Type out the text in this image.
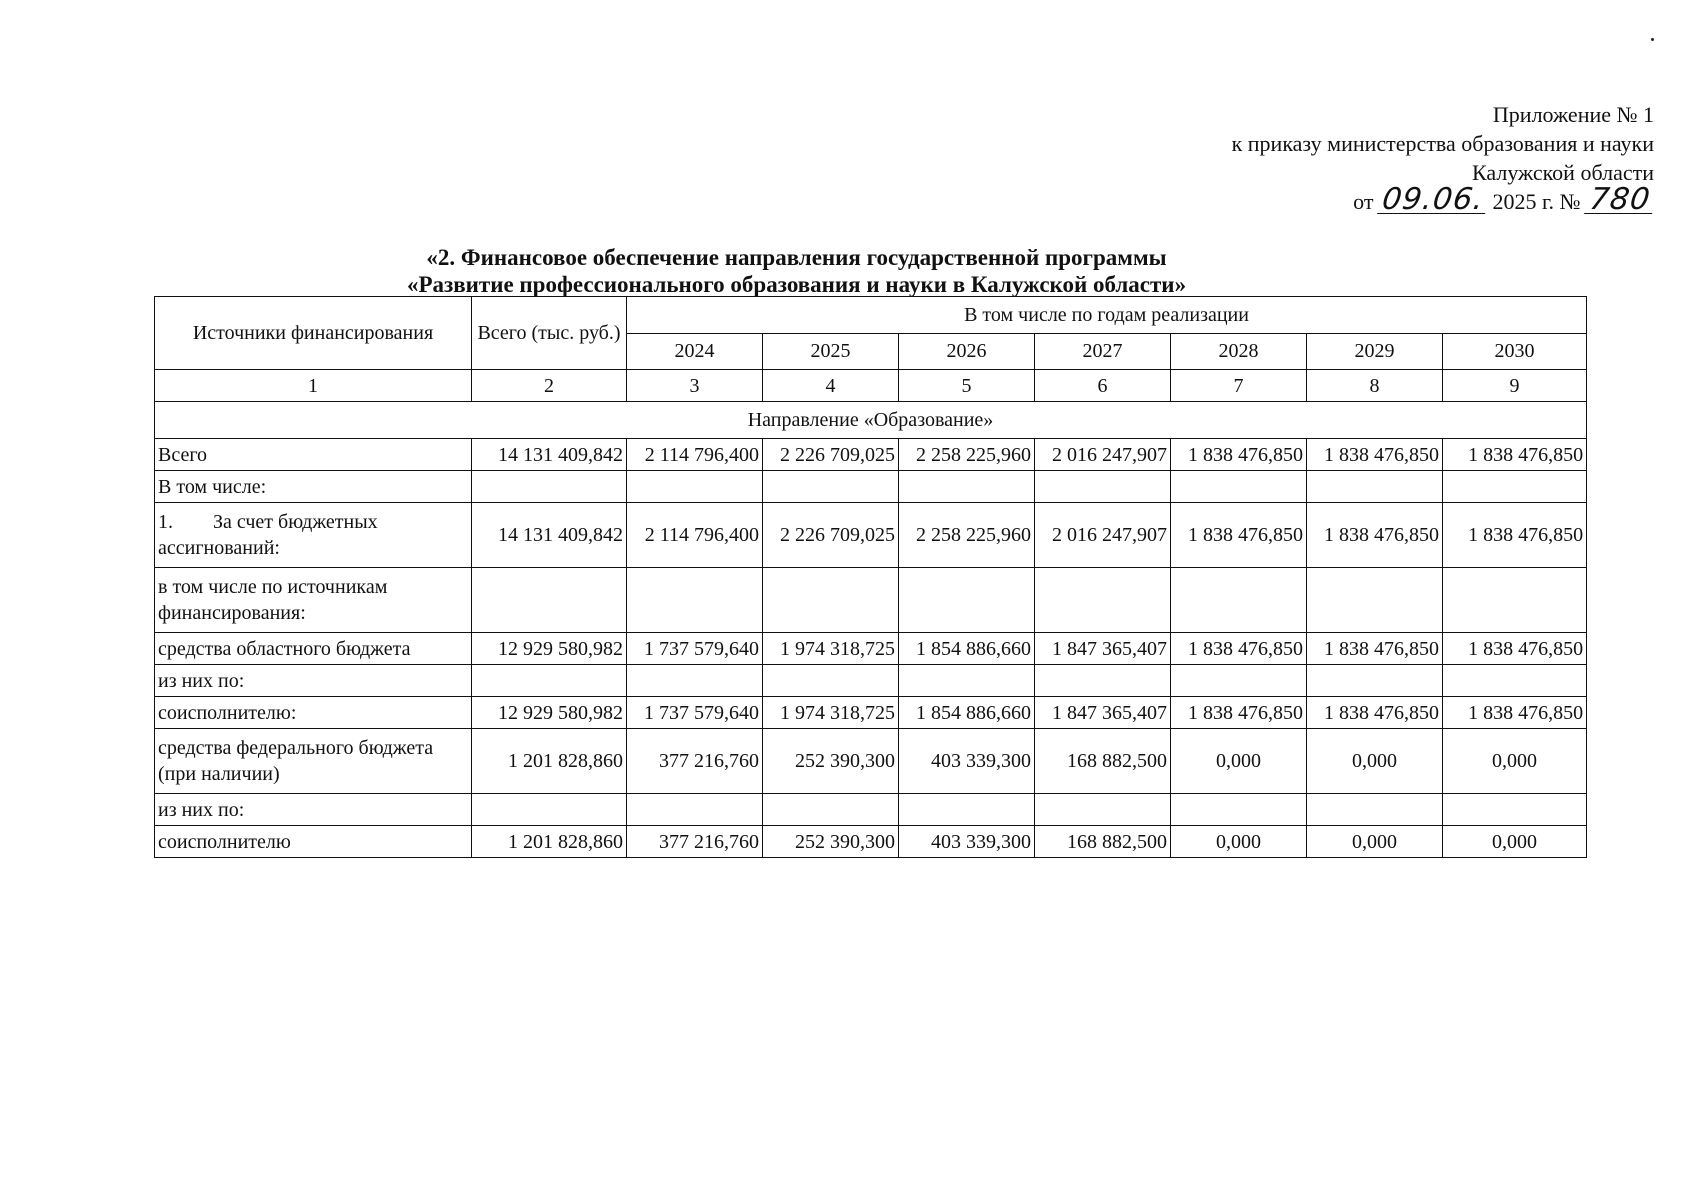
Приложение № 1
к приказу министерства образования и науки
Калужской области
от 09.06. 2025 г. № 780
«2. Финансовое обеспечение направления государственной программы
«Развитие профессионального образования и науки в Калужской области»
Источники финансирования	Всего (тыс. руб.)	В том числе по годам реализации						
		2024	2025	2026	2027	2028	2029	2030
1	2	3	4	5	6	7	8	9
Направление «Образование»								
Всего	14 131 409,842	2 114 796,400	2 226 709,025	2 258 225,960	2 016 247,907	1 838 476,850	1 838 476,850	1 838 476,850
В том числе:								
1.  За счет бюджетных ассигнований:	14 131 409,842	2 114 796,400	2 226 709,025	2 258 225,960	2 016 247,907	1 838 476,850	1 838 476,850	1 838 476,850
в том числе по источникам финансирования:								
средства областного бюджета	12 929 580,982	1 737 579,640	1 974 318,725	1 854 886,660	1 847 365,407	1 838 476,850	1 838 476,850	1 838 476,850
из них по:								
соисполнителю:	12 929 580,982	1 737 579,640	1 974 318,725	1 854 886,660	1 847 365,407	1 838 476,850	1 838 476,850	1 838 476,850
средства федерального бюджета (при наличии)	1 201 828,860	377 216,760	252 390,300	403 339,300	168 882,500	0,000	0,000	0,000
из них по:								
соисполнителю	1 201 828,860	377 216,760	252 390,300	403 339,300	168 882,500	0,000	0,000	0,000
